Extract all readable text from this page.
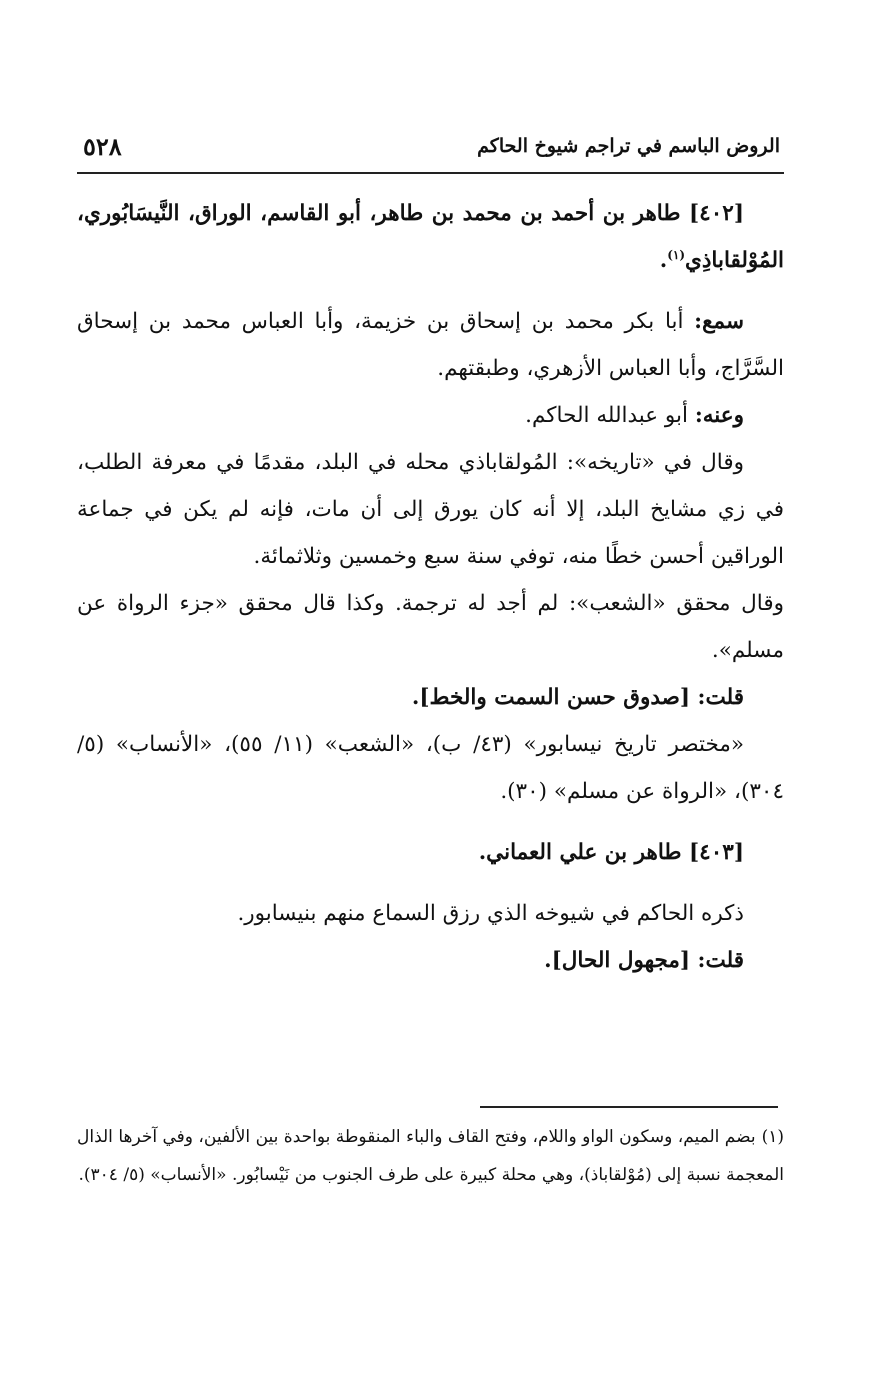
الروض الباسم في تراجم شيوخ الحاكم
٥٢٨

[٤٠٢] طاهر بن أحمد بن محمد بن طاهر، أبو القاسم، الوراق، النَّيسَابُوري، المُوْلقاباذِي$^{(١)}$.

سمع: أبا بكر محمد بن إسحاق بن خزيمة، وأبا العباس محمد بن إسحاق السَّرَّاج، وأبا العباس الأزهري، وطبقتهم.

وعنه: أبو عبدالله الحاكم.

وقال في «تاريخه»: المُولقاباذي محله في البلد، مقدمًا في معرفة الطلب، في زي مشايخ البلد، إلا أنه كان يورق إلى أن مات، فإنه لم يكن في جماعة الوراقين أحسن خطًا منه، توفي سنة سبع وخمسين وثلاثمائة.

وقال محقق «الشعب»: لم أجد له ترجمة. وكذا قال محقق «جزء الرواة عن مسلم».

قلت: [صدوق حسن السمت والخط].

«مختصر تاريخ نيسابور» (٤٣/ ب)، «الشعب» (١١/ ٥٥)، «الأنساب» (٥/ ٣٠٤)، «الرواة عن مسلم» (٣٠).

[٤٠٣] طاهر بن علي العماني.

ذكره الحاكم في شيوخه الذي رزق السماع منهم بنيسابور.

قلت: [مجهول الحال].

(١)بضم الميم، وسكون الواو واللام، وفتح القاف والباء المنقوطة بواحدة بين الألفين، وفي آخرها الذال المعجمة نسبة إلى (مُوْلقاباذ)، وهي محلة كبيرة على طرف الجنوب من نَيْسابُور. «الأنساب» (٥/ ٣٠٤).
